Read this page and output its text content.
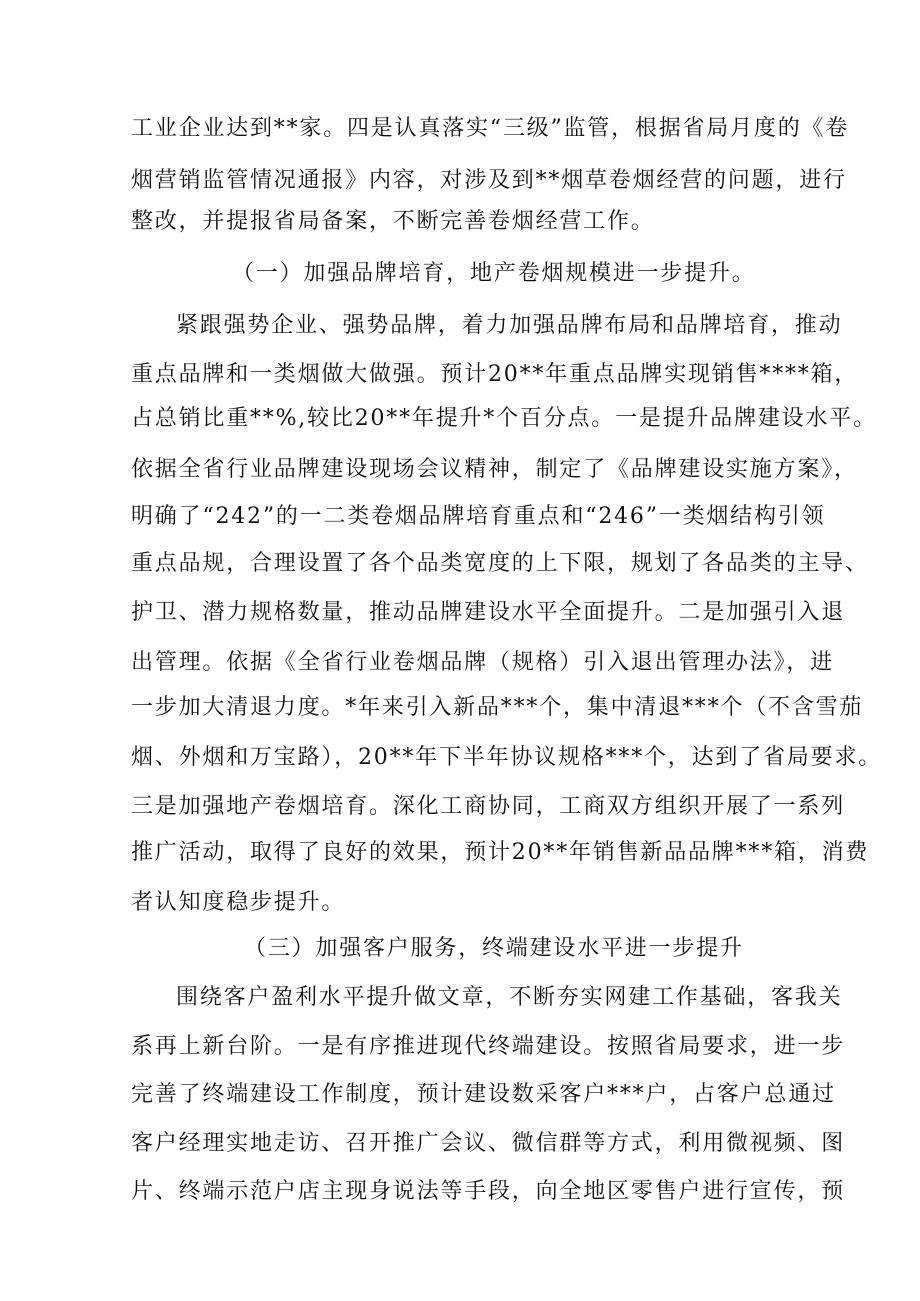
工业企业达到**家。四是认真落实“三级”监管，根据省局月度的《卷
烟营销监管情况通报》内容，对涉及到**烟草卷烟经营的问题，进行
整改，并提报省局备案，不断完善卷烟经营工作。
（一）加强品牌培育，地产卷烟规模进一步提升。
紧跟强势企业、强势品牌，着力加强品牌布局和品牌培育，推动
重点品牌和一类烟做大做强。预计20**年重点品牌实现销售****箱，
占总销比重**%,较比20**年提升*个百分点。一是提升品牌建设水平。
依据全省行业品牌建设现场会议精神，制定了《品牌建设实施方案》，
明确了“242”的一二类卷烟品牌培育重点和“246”一类烟结构引领
重点品规，合理设置了各个品类宽度的上下限，规划了各品类的主导、
护卫、潜力规格数量，推动品牌建设水平全面提升。二是加强引入退
出管理。依据《全省行业卷烟品牌（规格）引入退出管理办法》，进
一步加大清退力度。*年来引入新品***个，集中清退***个（不含雪茄
烟、外烟和万宝路），20**年下半年协议规格***个，达到了省局要求。
三是加强地产卷烟培育。深化工商协同，工商双方组织开展了一系列
推广活动，取得了良好的效果，预计20**年销售新品品牌***箱，消费
者认知度稳步提升。
（三）加强客户服务，终端建设水平进一步提升
围绕客户盈利水平提升做文章，不断夯实网建工作基础，客我关
系再上新台阶。一是有序推进现代终端建设。按照省局要求，进一步
完善了终端建设工作制度，预计建设数采客户***户，占客户总通过
客户经理实地走访、召开推广会议、微信群等方式，利用微视频、图
片、终端示范户店主现身说法等手段，向全地区零售户进行宣传，预
